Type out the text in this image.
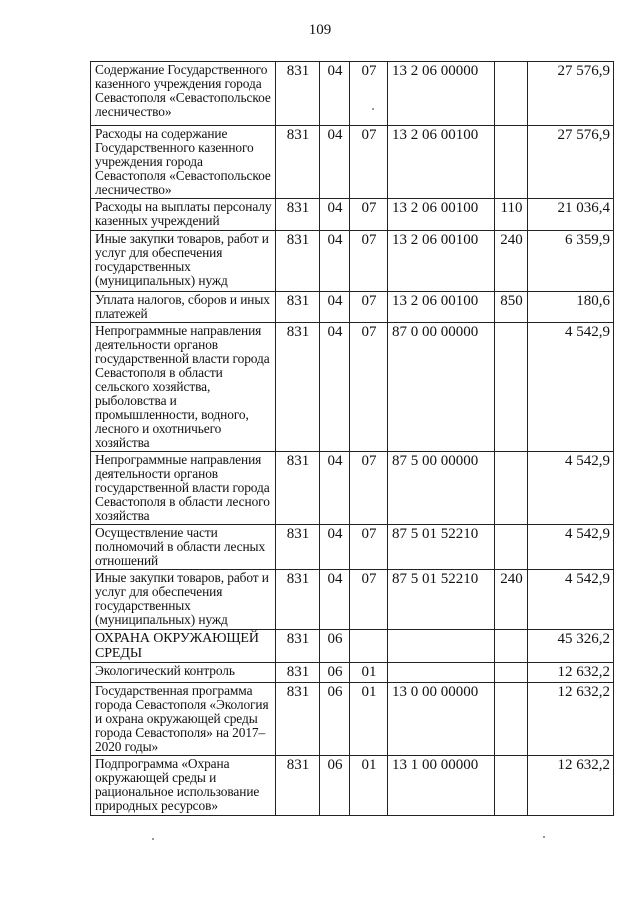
109
Содержание Государственного казенного учреждения города Севастополя «Севастопольское лесничество»	831	04	07	13 2 06 00000		27 576,9
Расходы на содержание Государственного казенного учреждения города Севастополя «Севастопольское лесничество»	831	04	07	13 2 06 00100		27 576,9
Расходы на выплаты персоналу казенных учреждений	831	04	07	13 2 06 00100	110	21 036,4
Иные закупки товаров, работ и услуг для обеспечения государственных (муниципальных) нужд	831	04	07	13 2 06 00100	240	6 359,9
Уплата налогов, сборов и иных платежей	831	04	07	13 2 06 00100	850	180,6
Непрограммные направления деятельности органов государственной власти города Севастополя в области сельского хозяйства, рыболовства и промышленности, водного, лесного и охотничьего хозяйства	831	04	07	87 0 00 00000		4 542,9
Непрограммные направления деятельности органов государственной власти города Севастополя в области лесного хозяйства	831	04	07	87 5 00 00000		4 542,9
Осуществление части полномочий в области лесных отношений	831	04	07	87 5 01 52210		4 542,9
Иные закупки товаров, работ и услуг для обеспечения государственных (муниципальных) нужд	831	04	07	87 5 01 52210	240	4 542,9
ОХРАНА ОКРУЖАЮЩЕЙ СРЕДЫ	831	06				45 326,2
Экологический контроль	831	06	01			12 632,2
Государственная программа города Севастополя «Экология и охрана окружающей среды города Севастополя» на 2017–2020 годы»	831	06	01	13 0 00 00000		12 632,2
Подпрограмма «Охрана окружающей среды и рациональное использование природных ресурсов»	831	06	01	13 1 00 00000		12 632,2
